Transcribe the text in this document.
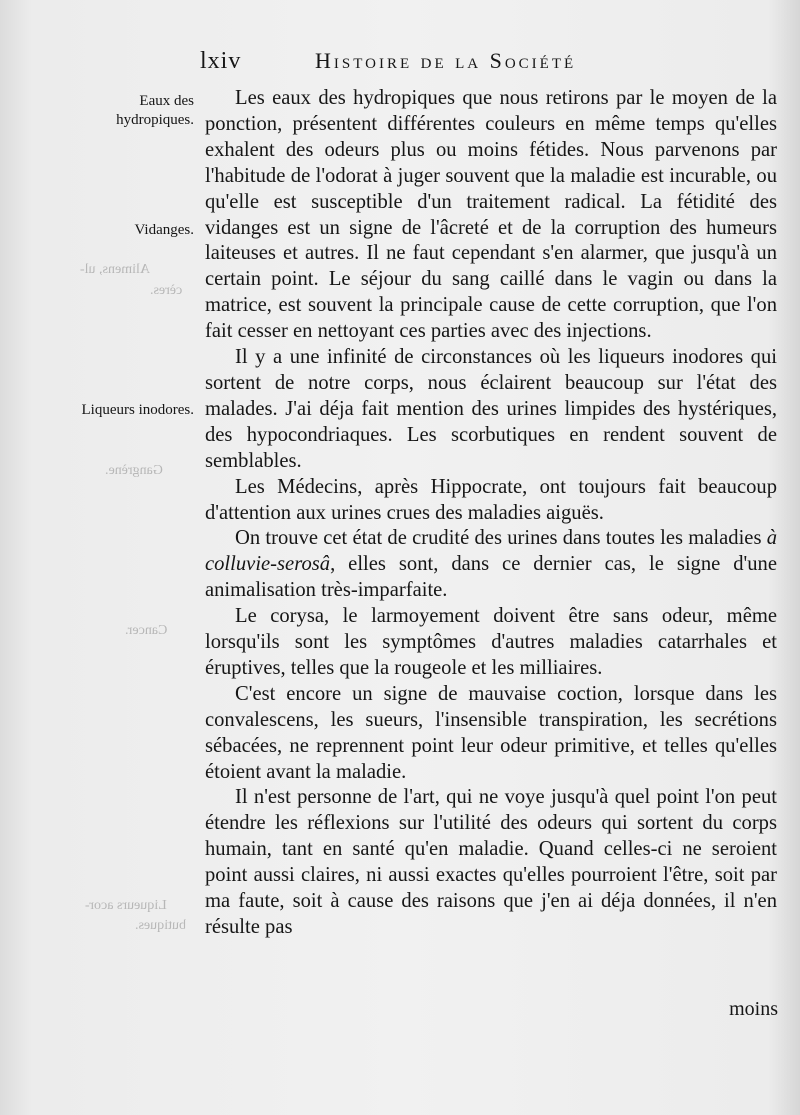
lxiv	Histoire de la Société
Eaux des hydropiques.
Vidanges.
Liqueurs inodores.
Alimens, ul-
cères.
Gangrène.
Cancer.
Liqueurs acor-
butiques.

Les eaux des hydropiques que nous retirons par le moyen de la ponction, présentent différentes couleurs en même temps qu'elles exhalent des odeurs plus ou moins fétides. Nous parvenons par l'habitude de l'odorat à juger souvent que la maladie est incurable, ou qu'elle est susceptible d'un traitement radical. La fétidité des vidanges est un signe de l'âcreté et de la corruption des humeurs laiteuses et autres. Il ne faut cependant s'en alarmer, que jusqu'à un certain point. Le séjour du sang caillé dans le vagin ou dans la matrice, est souvent la principale cause de cette corruption, que l'on fait cesser en nettoyant ces parties avec des injections.

Il y a une infinité de circonstances où les liqueurs inodores qui sortent de notre corps, nous éclairent beaucoup sur l'état des malades. J'ai déja fait mention des urines limpides des hystériques, des hypocondriaques. Les scorbutiques en rendent souvent de semblables.

Les Médecins, après Hippocrate, ont toujours fait beaucoup d'attention aux urines crues des maladies aiguës.

On trouve cet état de crudité des urines dans toutes les maladies à colluvie-serosâ, elles sont, dans ce dernier cas, le signe d'une animalisation très-imparfaite.

Le corysa, le larmoyement doivent être sans odeur, même lorsqu'ils sont les symptômes d'autres maladies catarrhales et éruptives, telles que la rougeole et les milliaires.

C'est encore un signe de mauvaise coction, lorsque dans les convalescens, les sueurs, l'insensible transpiration, les secrétions sébacées, ne reprennent point leur odeur primitive, et telles qu'elles étoient avant la maladie.

Il n'est personne de l'art, qui ne voye jusqu'à quel point l'on peut étendre les réflexions sur l'utilité des odeurs qui sortent du corps humain, tant en santé qu'en maladie. Quand celles-ci ne seroient point aussi claires, ni aussi exactes qu'elles pourroient l'être, soit par ma faute, soit à cause des raisons que j'en ai déja données, il n'en résulte pas

moins
